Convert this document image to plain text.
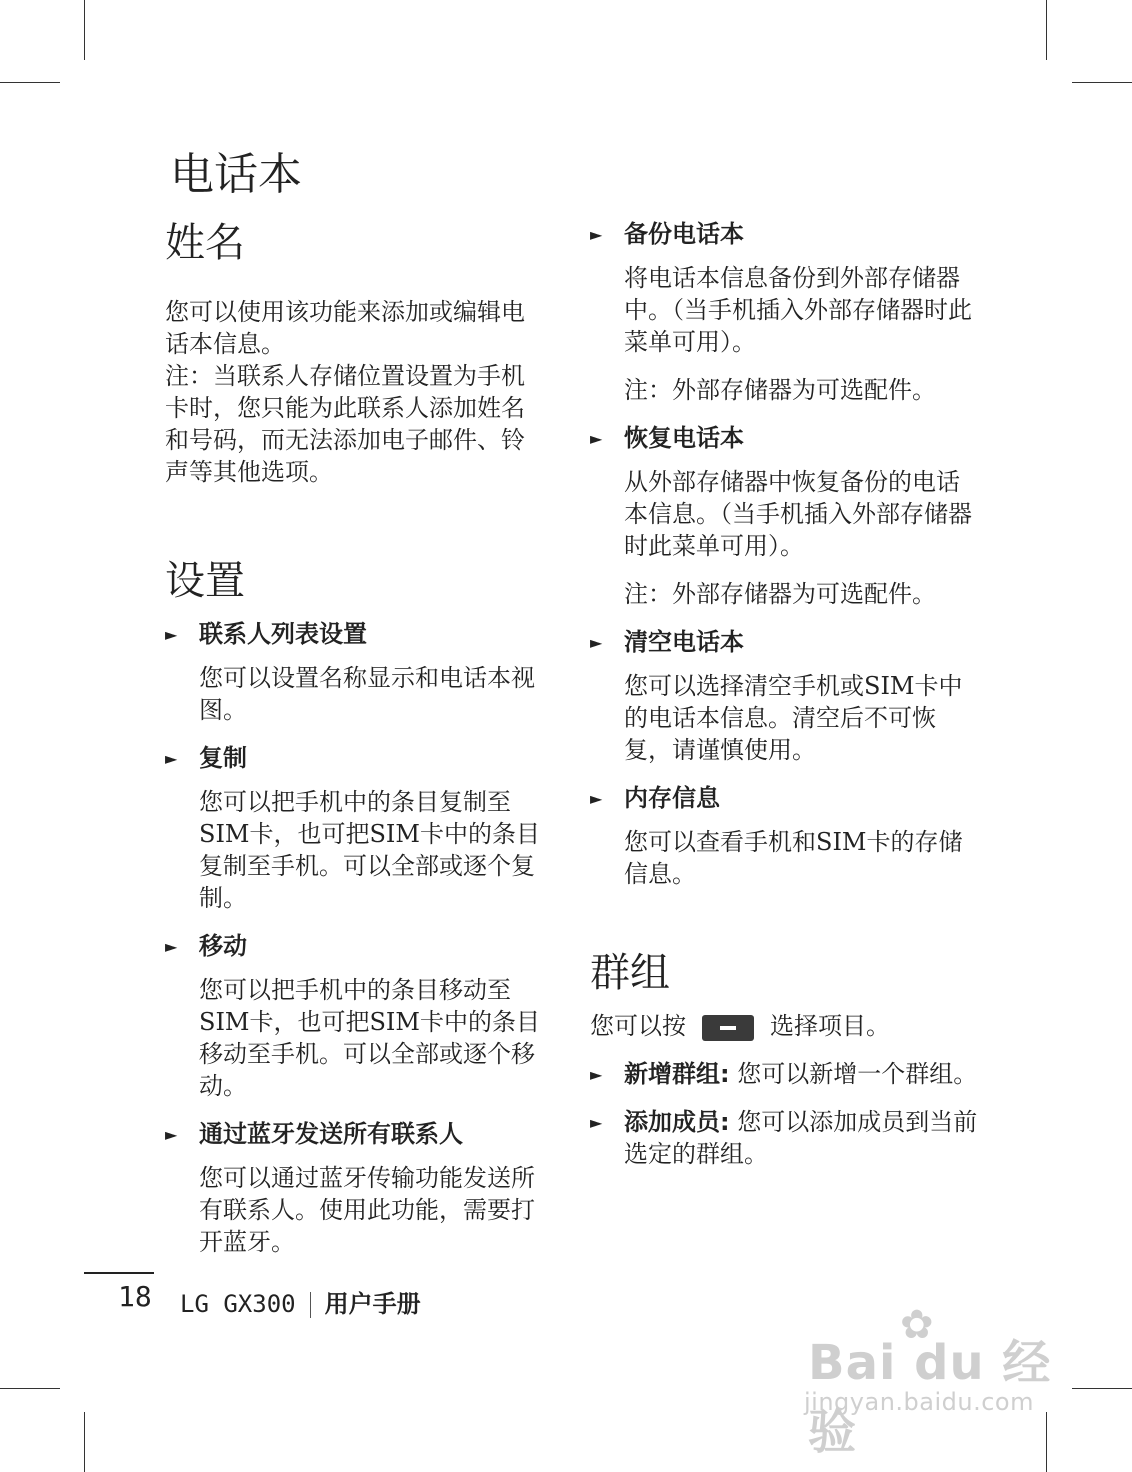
电话本
姓名

您可以使用该功能来添加或编辑电话本信息。

注：当联系人存储位置设置为手机卡时，您只能为此联系人添加姓名和号码，而无法添加电子邮件、铃声等其他选项。

设置
► 联系人列表设置

您可以设置名称显示和电话本视图。

► 复制

您可以把手机中的条目复制至SIM卡，也可把SIM卡中的条目复制至手机。可以全部或逐个复制。

► 移动

您可以把手机中的条目移动至SIM卡，也可把SIM卡中的条目移动至手机。可以全部或逐个移动。

► 通过蓝牙发送所有联系人

您可以通过蓝牙传输功能发送所有联系人。使用此功能，需要打开蓝牙。

► 备份电话本

将电话本信息备份到外部存储器中。（当手机插入外部存储器时此菜单可用）。

注：外部存储器为可选配件。

► 恢复电话本

从外部存储器中恢复备份的电话本信息。（当手机插入外部存储器时此菜单可用）。

注：外部存储器为可选配件。

► 清空电话本

您可以选择清空手机或SIM卡中的电话本信息。清空后不可恢复，请谨慎使用。

► 内存信息

您可以查看手机和SIM卡的存储信息。

群组

您可以按	选择项目。

► 新增群组: 您可以新增一个群组。

► 添加成员: 您可以添加成员到当前选定的群组。

18 LG GX300 用户手册	✿
Bai du 经验
jingyan.baidu.com
